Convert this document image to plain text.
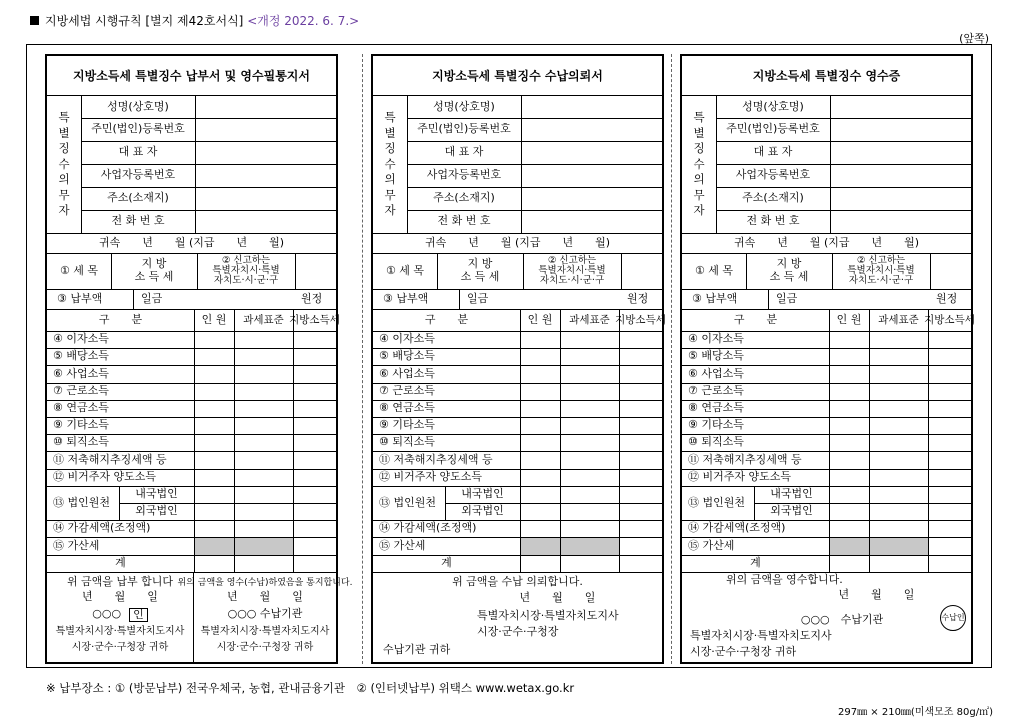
지방세법 시행규칙 [별지 제42호서식] <개정 2022. 6. 7.>
(앞쪽)
지방소득세 특별징수 납부서 및 영수필통지서
특별징수의무자
성명(상호명)
주민(법인)등록번호
대 표 자
사업자등록번호
주소(소재지)
전 화 번 호
귀속　　년　　월 (지급　　년　　월)
① 세 목	지 방
소 득 세
② 신고하는
특별자치시·특별
자치도·시·군·구
③ 납부액	일금	원정
구　　분	인 원	과세표준 지방소득세
④ 이자소득
⑤ 배당소득
⑥ 사업소득
⑦ 근로소득
⑧ 연금소득
⑨ 기타소득
⑩ 퇴직소득
⑪ 저축해지추징세액 등
⑫ 비거주자 양도소득
⑬ 법인원천
내국법인
외국법인
⑭ 가감세액(조정액)
⑮ 가산세
계
위 금액을 납부 합니다
년　　월　　일
○○○	인
특별자치시장·특별자치도지사
시장·군수·구청장 귀하
위의 금액을 영수(수납)하였음을 통지합니다.
년　　월　　일
○○○ 수납기관
특별자치시장·특별자치도지사
시장·군수·구청장 귀하
지방소득세 특별징수 수납의뢰서
특별징수의무자
성명(상호명)
주민(법인)등록번호
대 표 자
사업자등록번호
주소(소재지)
전 화 번 호
귀속　　년　　월 (지급　　년　　월)
① 세 목	지 방
소 득 세
② 신고하는
특별자치시·특별
자치도·시·군·구
③ 납부액	일금	원정
구　　분	인 원	과세표준 지방소득세
④ 이자소득
⑤ 배당소득
⑥ 사업소득
⑦ 근로소득
⑧ 연금소득
⑨ 기타소득
⑩ 퇴직소득
⑪ 저축해지추징세액 등
⑫ 비거주자 양도소득
⑬ 법인원천
내국법인
외국법인
⑭ 가감세액(조정액)
⑮ 가산세
계
위 금액을 수납 의뢰합니다.
년　　월　　일
특별자치시장·특별자치도지사
시장·군수·구청장
수납기관 귀하
지방소득세 특별징수 영수증
특별징수의무자
성명(상호명)
주민(법인)등록번호
대 표 자
사업자등록번호
주소(소재지)
전 화 번 호
귀속　　년　　월 (지급　　년　　월)
① 세 목	지 방
소 득 세
② 신고하는
특별자치시·특별
자치도·시·군·구
③ 납부액	일금	원정
구　　분	인 원	과세표준 지방소득세
④ 이자소득
⑤ 배당소득
⑥ 사업소득
⑦ 근로소득
⑧ 연금소득
⑨ 기타소득
⑩ 퇴직소득
⑪ 저축해지추징세액 등
⑫ 비거주자 양도소득
⑬ 법인원천
내국법인
외국법인
⑭ 가감세액(조정액)
⑮ 가산세
계
위의 금액을 영수합니다.
년　　월　　일
○○○　수납기관
특별자치시장·특별자치도지사
시장·군수·구청장 귀하
수납인
※ 납부장소 : ① (방문납부) 전국우체국, 농협, 관내금융기관　② (인터넷납부) 위택스 www.wetax.go.kr
297㎜ × 210㎜(미색모조 80g/㎡)
